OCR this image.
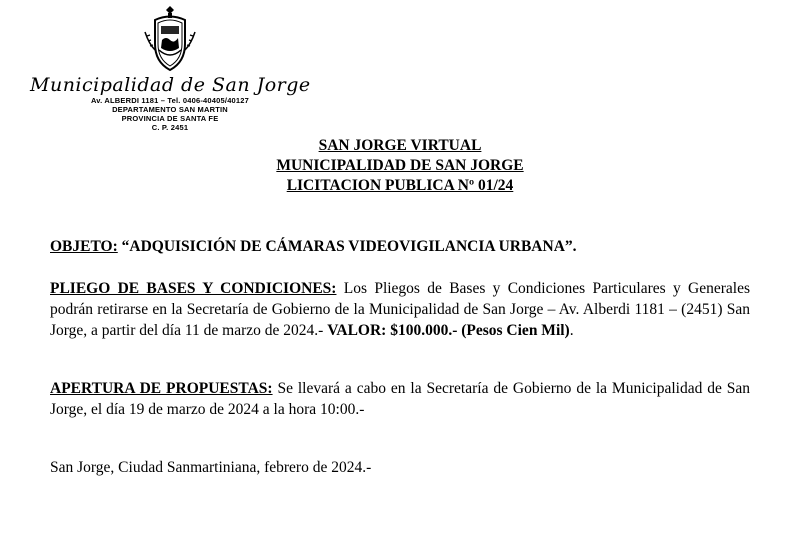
Municipalidad de San Jorge
Av. ALBERDI 1181 – Tel. 0406-40405/40127
DEPARTAMENTO SAN MARTIN
PROVINCIA DE SANTA FE
C. P. 2451
SAN JORGE VIRTUAL
MUNICIPALIDAD DE SAN JORGE
LICITACION PUBLICA Nº 01/24
OBJETO: “ADQUISICIÓN DE CÁMARAS VIDEOVIGILANCIA URBANA”.
PLIEGO DE BASES Y CONDICIONES: Los Pliegos de Bases y Condiciones Particulares y Generales podrán retirarse en la Secretaría de Gobierno de la Municipalidad de San Jorge – Av. Alberdi 1181 – (2451) San Jorge, a partir del día 11 de marzo de 2024.- VALOR: $100.000.- (Pesos Cien Mil).
APERTURA DE PROPUESTAS: Se llevará a cabo en la Secretaría de Gobierno de la Municipalidad de San Jorge, el día 19 de marzo de 2024 a la hora 10:00.-
San Jorge, Ciudad Sanmartiniana, febrero de 2024.-
